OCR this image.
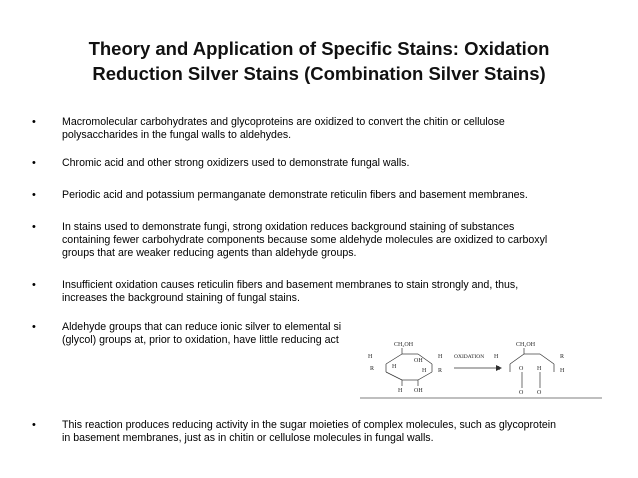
Theory and Application of Specific Stains: Oxidation
Reduction Silver Stains (Combination Silver Stains)
• Macromolecular carbohydrates and glycoproteins are oxidized to convert the chitin or cellulose
polysaccharides in the fungal walls to aldehydes.
• Chromic acid and other strong oxidizers used to demonstrate fungal walls.
• Periodic acid and potassium permanganate demonstrate reticulin fibers and basement membranes.
• In stains used to demonstrate fungi, strong oxidation reduces background staining of substances
containing fewer carbohydrate components because some aldehyde molecules are oxidized to carboxyl
groups that are weaker reducing agents than aldehyde groups.
• Insufficient oxidation causes reticulin fibers and basement membranes to stain strongly and, thus,
increases the background staining of fungal stains.
• Aldehyde groups that can reduce ionic silver to elemental si
(glycol) groups at, prior to oxidation, have little reducing act
• This reaction produces reducing activity in the sugar moieties of complex molecules, such as glycoprotein
in basement membranes, just as in chitin or cellulose molecules in fungal walls.
CH₂OH
H
R
OH
H
R
H
H
H OH
OXIDATION
CH₂OH
H
R
R
H
O H
O O
